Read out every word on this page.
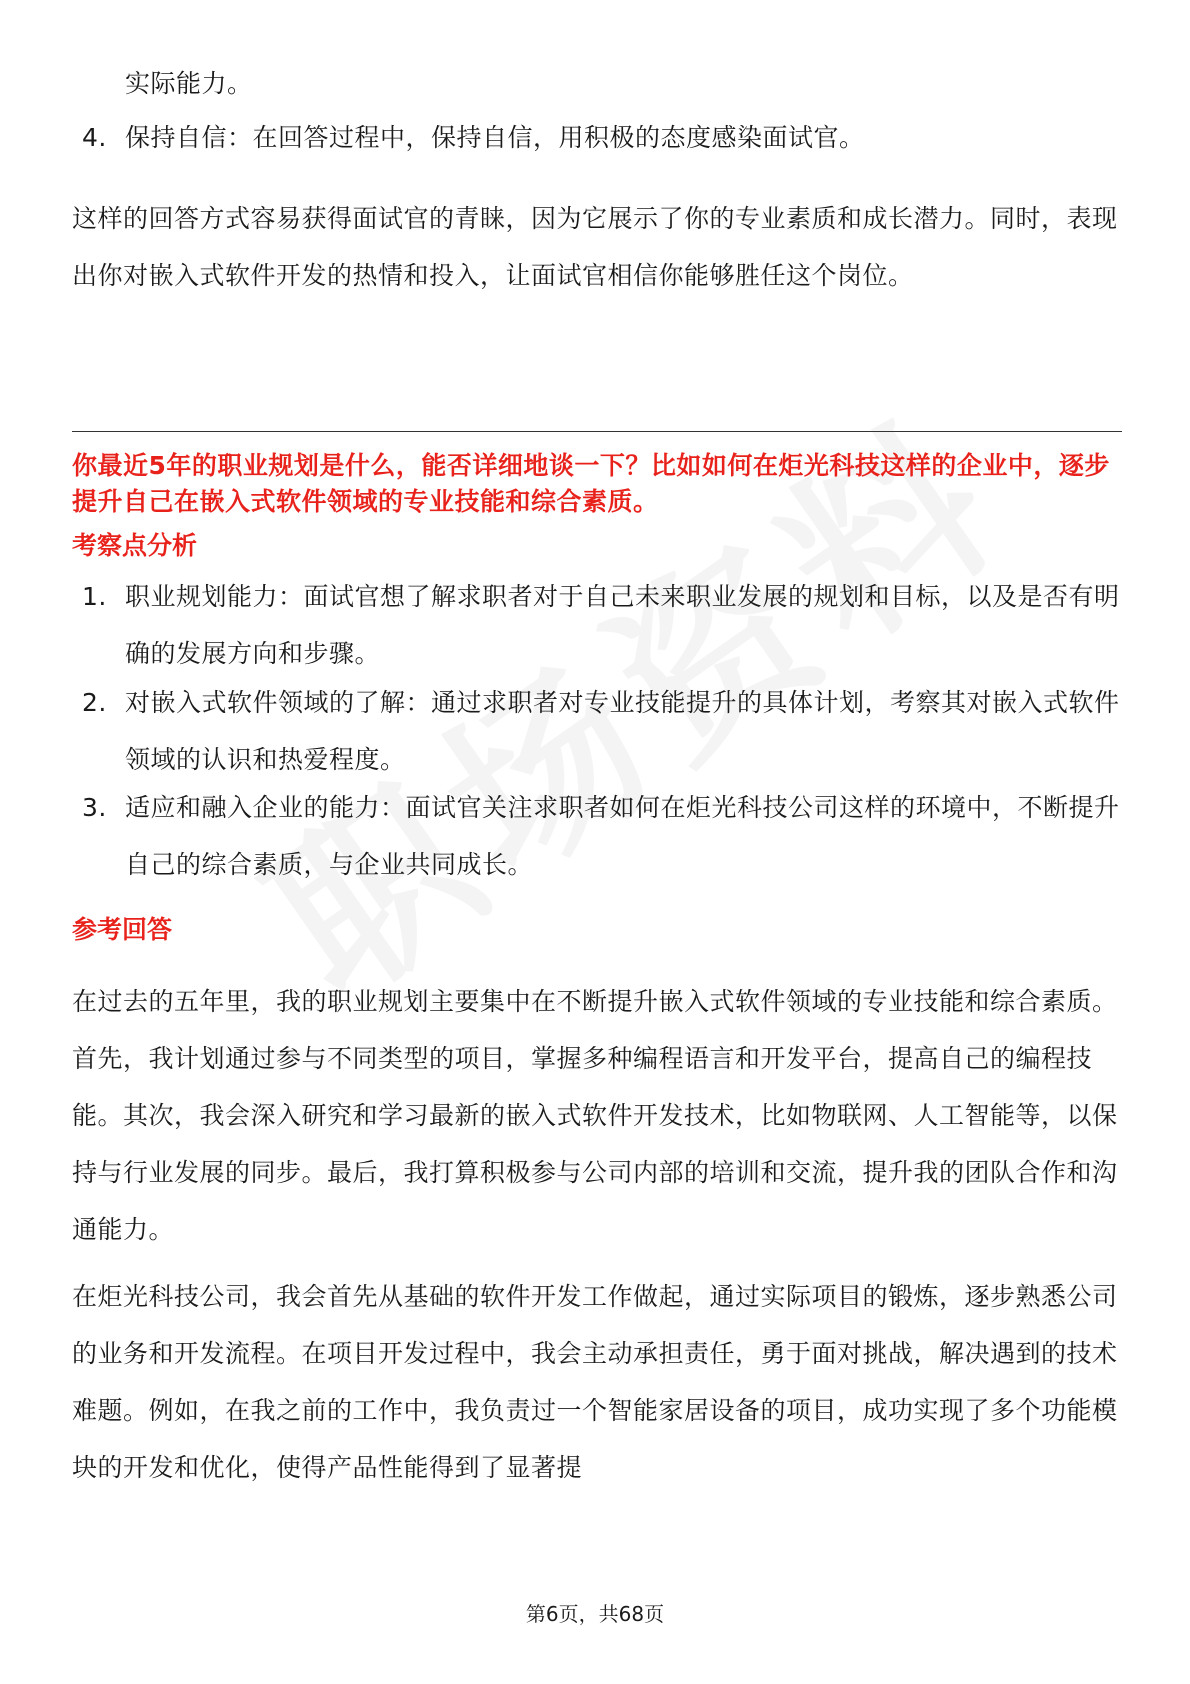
实际能力。
4. 保持自信：在回答过程中，保持自信，用积极的态度感染面试官。
这样的回答方式容易获得面试官的青睐，因为它展示了你的专业素质和成长潜力。同时，表现出你对嵌入式软件开发的热情和投入，让面试官相信你能够胜任这个岗位。
你最近5年的职业规划是什么，能否详细地谈一下？比如如何在炬光科技这样的企业中，逐步提升自己在嵌入式软件领域的专业技能和综合素质。
考察点分析
1. 职业规划能力：面试官想了解求职者对于自己未来职业发展的规划和目标，以及是否有明确的发展方向和步骤。
2. 对嵌入式软件领域的了解：通过求职者对专业技能提升的具体计划，考察其对嵌入式软件领域的认识和热爱程度。
3. 适应和融入企业的能力：面试官关注求职者如何在炬光科技公司这样的环境中，不断提升自己的综合素质，与企业共同成长。
参考回答
在过去的五年里，我的职业规划主要集中在不断提升嵌入式软件领域的专业技能和综合素质。首先，我计划通过参与不同类型的项目，掌握多种编程语言和开发平台，提高自己的编程技能。其次，我会深入研究和学习最新的嵌入式软件开发技术，比如物联网、人工智能等，以保持与行业发展的同步。最后，我打算积极参与公司内部的培训和交流，提升我的团队合作和沟通能力。
在炬光科技公司，我会首先从基础的软件开发工作做起，通过实际项目的锻炼，逐步熟悉公司的业务和开发流程。在项目开发过程中，我会主动承担责任，勇于面对挑战，解决遇到的技术难题。例如，在我之前的工作中，我负责过一个智能家居设备的项目，成功实现了多个功能模块的开发和优化，使得产品性能得到了显著提
第6页，共68页
